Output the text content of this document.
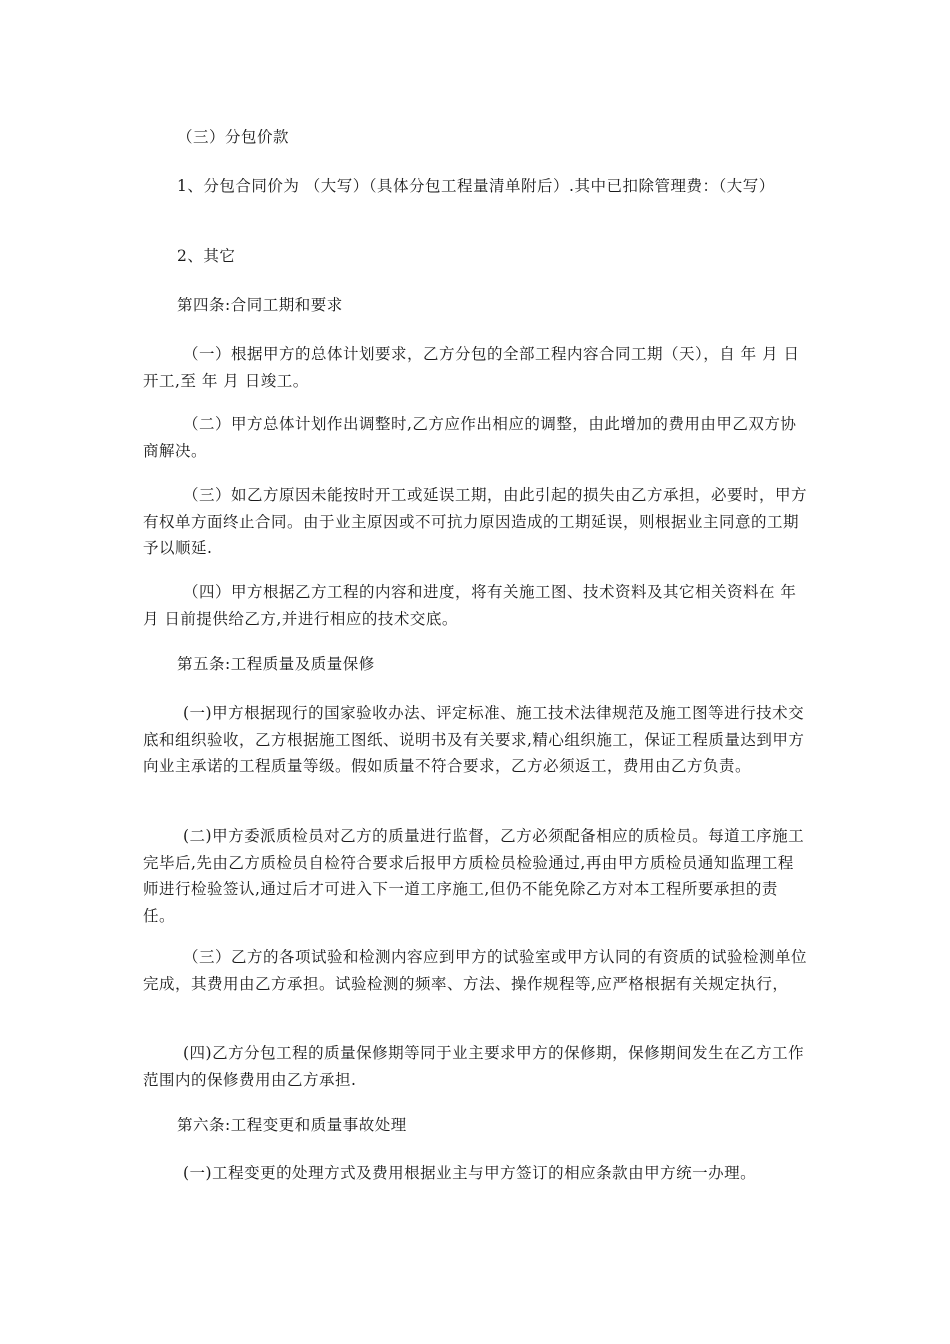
（三）分包价款

1、分包合同价为 （大写）（具体分包工程量清单附后）.其中已扣除管理费：（大写）

2、其它

第四条:合同工期和要求

（一）根据甲方的总体计划要求，乙方分包的全部工程内容合同工期（天），自 年 月 日开工,至 年 月 日竣工。

（二）甲方总体计划作出调整时,乙方应作出相应的调整，由此增加的费用由甲乙双方协商解决。

（三）如乙方原因未能按时开工或延误工期，由此引起的损失由乙方承担，必要时，甲方有权单方面终止合同。由于业主原因或不可抗力原因造成的工期延误，则根据业主同意的工期予以顺延.

（四）甲方根据乙方工程的内容和进度，将有关施工图、技术资料及其它相关资料在 年 月 日前提供给乙方,并进行相应的技术交底。

第五条:工程质量及质量保修

(一)甲方根据现行的国家验收办法、评定标准、施工技术法律规范及施工图等进行技术交底和组织验收，乙方根据施工图纸、说明书及有关要求,精心组织施工，保证工程质量达到甲方向业主承诺的工程质量等级。假如质量不符合要求，乙方必须返工，费用由乙方负责。

(二)甲方委派质检员对乙方的质量进行监督，乙方必须配备相应的质检员。每道工序施工完毕后,先由乙方质检员自检符合要求后报甲方质检员检验通过,再由甲方质检员通知监理工程师进行检验签认,通过后才可进入下一道工序施工,但仍不能免除乙方对本工程所要承担的责任。

（三）乙方的各项试验和检测内容应到甲方的试验室或甲方认同的有资质的试验检测单位完成，其费用由乙方承担。试验检测的频率、方法、操作规程等,应严格根据有关规定执行，

(四)乙方分包工程的质量保修期等同于业主要求甲方的保修期，保修期间发生在乙方工作范围内的保修费用由乙方承担.

第六条:工程变更和质量事故处理

(一)工程变更的处理方式及费用根据业主与甲方签订的相应条款由甲方统一办理。
